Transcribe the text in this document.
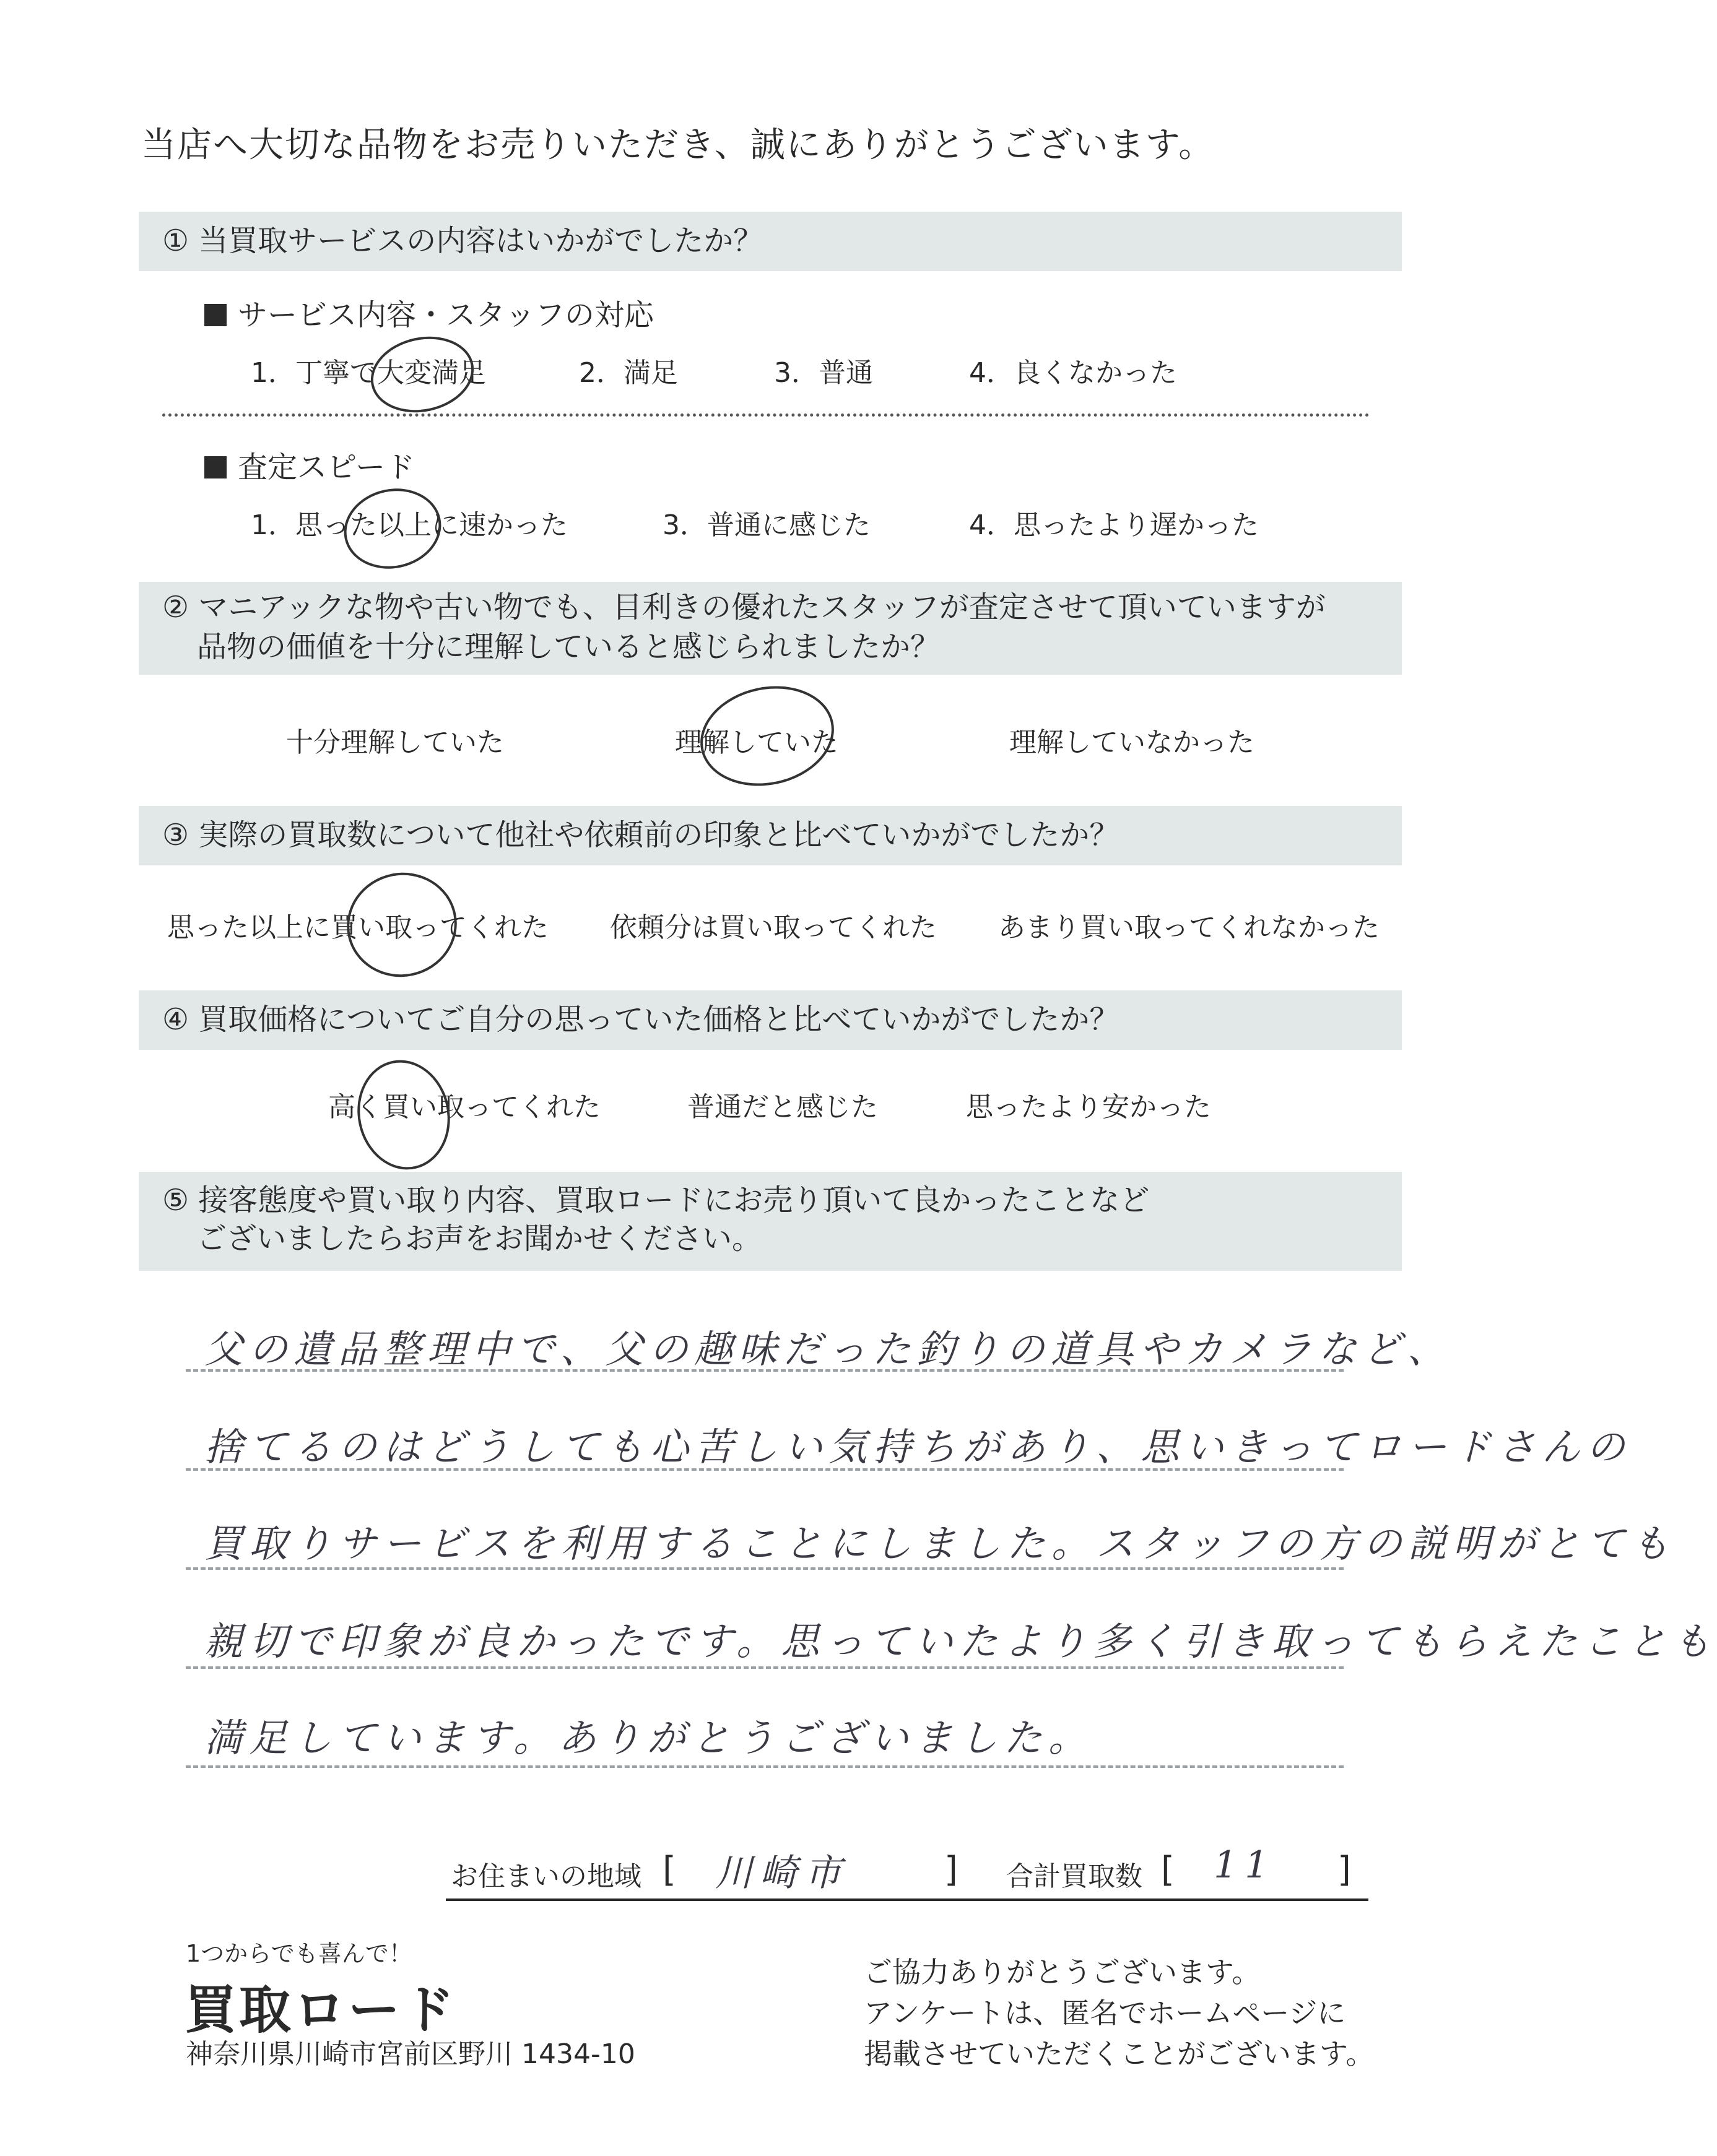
当店へ大切な品物をお売りいただき、誠にありがとうございます。
① 当買取サービスの内容はいかがでしたか？
サービス内容・スタッフの対応
1．丁寧で大変満足	2．満足	3．普通	4．良くなかった
査定スピード
1．思った以上に速かった	3．普通に感じた	4．思ったより遅かった
② マニアックな物や古い物でも、目利きの優れたスタッフが査定させて頂いていますが
品物の価値を十分に理解していると感じられましたか？
十分理解していた	理解していた	理解していなかった
③ 実際の買取数について他社や依頼前の印象と比べていかがでしたか？
思った以上に買い取ってくれた 依頼分は買い取ってくれた あまり買い取ってくれなかった
④ 買取価格についてご自分の思っていた価格と比べていかがでしたか？
高く買い取ってくれた	普通だと感じた	思ったより安かった
⑤ 接客態度や買い取り内容、買取ロードにお売り頂いて良かったことなど
ございましたらお声をお聞かせください。
父の遺品整理中で、父の趣味だった釣りの道具やカメラなど、
捨てるのはどうしても心苦しい気持ちがあり、思いきってロードさんの
買取りサービスを利用することにしました。スタッフの方の説明がとても
親切で印象が良かったです。思っていたより多く引き取ってもらえたことも
満足しています。ありがとうございました。
お住まいの地域 [ 川崎市	] 合計買取数 [ 11 ]
1つからでも喜んで！
買取ロード
神奈川県川崎市宮前区野川 1434-10
ご協力ありがとうございます。
アンケートは、匿名でホームページに
掲載させていただくことがございます。
